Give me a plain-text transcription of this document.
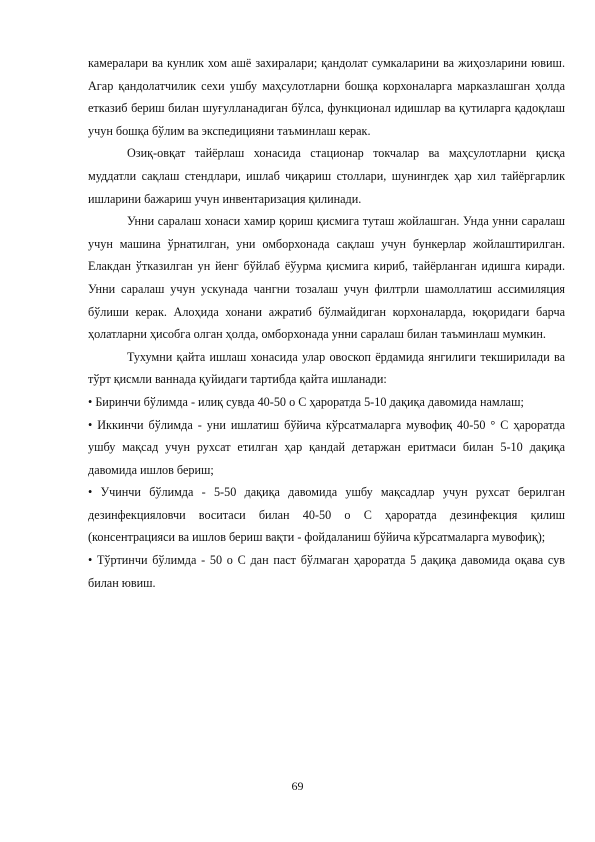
камералари ва кунлик хом ашё захиралари; қандолат сумкаларини ва жиҳозларини ювиш. Агар қандолатчилик сехи ушбу маҳсулотларни бошқа корхоналарга марказлашган ҳолда етказиб бериш билан шуғулланадиган бўлса, функционал идишлар ва қутиларга қадоқлаш учун бошқа бўлим ва экспедицияни таъминлаш керак.

Озиқ-овқат тайёрлаш хонасида стационар токчалар ва маҳсулотларни қисқа муддатли сақлаш стендлари, ишлаб чиқариш столлари, шунингдек ҳар хил тайёргарлик ишларини бажариш учун инвентаризация қилинади.

Унни саралаш хонаси хамир қориш қисмига туташ жойлашган. Унда унни саралаш учун машина ўрнатилган, уни омборхонада сақлаш учун бункерлар жойлаштирилган. Елакдан ўтказилган ун йенг бўйлаб ёўурма қисмига кириб, тайёрланган идишга киради. Унни саралаш учун ускунада чангни тозалаш учун филтрли шамоллатиш ассимиляция бўлиши керак. Алоҳида хонани ажратиб бўлмайдиган корхоналарда, юқоридаги барча ҳолатларни ҳисобга олган ҳолда, омборхонада унни саралаш билан таъминлаш мумкин.

Тухумни қайта ишлаш хонасида улар овоскоп ёрдамида янгилиги текширилади ва тўрт қисмли ваннада қуйидаги тартибда қайта ишланади:

• Биринчи бўлимда - илиқ сувда 40-50 о С ҳароратда 5-10 дақиқа давомида намлаш;

• Иккинчи бўлимда - уни ишлатиш бўйича кўрсатмаларга мувофиқ 40-50 ° С ҳароратда ушбу мақсад учун рухсат етилган ҳар қандай детаржан еритмаси билан 5-10 дақиқа давомида ишлов бериш;

• Учинчи бўлимда - 5-50 дақиқа давомида ушбу мақсадлар учун рухсат берилган дезинфекцияловчи воситаси билан 40-50 о С ҳароратда дезинфекция қилиш (консентрацияси ва ишлов бериш вақти - фойдаланиш бўйича кўрсатмаларга мувофиқ);

• Тўртинчи бўлимда - 50 о С дан паст бўлмаган ҳароратда 5 дақиқа давомида оқава сув билан ювиш.

69
